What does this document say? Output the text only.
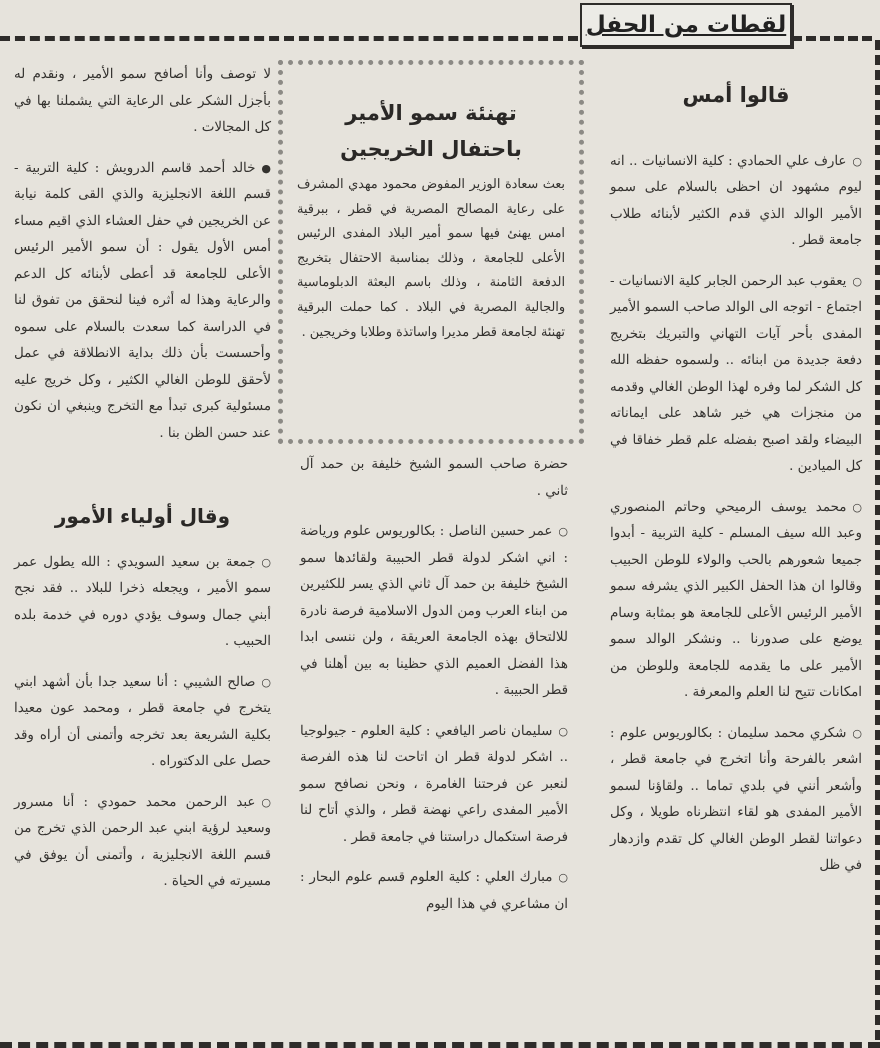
لقطات من الحفل
قالوا أمس

○عارف علي الحمادي : كلية الانسانيات .. انه ليوم مشهود ان احظى بالسلام على سمو الأمير الوالد الذي قدم الكثير لأبنائه طلاب جامعة قطر .

○يعقوب عبد الرحمن الجابر كلية الانسانيات - اجتماع - اتوجه الى الوالد صاحب السمو الأمير المفدى بأحر آيات التهاني والتبريك بتخريج دفعة جديدة من ابنائه .. ولسموه حفظه الله كل الشكر لما وفره لهذا الوطن الغالي وقدمه من منجزات هي خير شاهد على ايماناته البيضاء ولقد اصبح بفضله علم قطر خفاقا في كل الميادين .

○محمد يوسف الرميحي وحاتم المنصوري وعبد الله سيف المسلم - كلية التربية - أبدوا جميعا شعورهم بالحب والولاء للوطن الحبيب وقالوا ان هذا الحفل الكبير الذي يشرفه سمو الأمير الرئيس الأعلى للجامعة هو بمثابة وسام يوضع على صدورنا .. ونشكر الوالد سمو الأمير على ما يقدمه للجامعة وللوطن من امكانات تتيح لنا العلم والمعرفة .

○شكري محمد سليمان : بكالوريوس علوم : اشعر بالفرحة وأنا اتخرج في جامعة قطر ، وأشعر أنني في بلدي تماما .. ولقاؤنا لسمو الأمير المفدى هو لقاء انتظرناه طويلا ، وكل دعواتنا لقطر الوطن الغالي كل تقدم وازدهار في ظل

تهنئة سمو الأمير
باحتفال الخريجين
بعث سعادة الوزير المفوض محمود مهدي المشرف على رعاية المصالح المصرية في قطر ، ببرقية امس يهنئ فيها سمو أمير البلاد المفدى الرئيس الأعلى للجامعة ، وذلك بمناسبة الاحتفال بتخريج الدفعة الثامنة ، وذلك باسم البعثة الدبلوماسية والجالية المصرية في البلاد . كما حملت البرقية تهنئة لجامعة قطر مديرا واساتذة وطلابا وخريجين .

حضرة صاحب السمو الشيخ خليفة بن حمد آل ثاني .

○عمر حسين الناصل : بكالوريوس علوم ورياضة : اني اشكر لدولة قطر الحبيبة ولقائدها سمو الشيخ خليفة بن حمد آل ثاني الذي يسر للكثيرين من ابناء العرب ومن الدول الاسلامية فرصة نادرة للالتحاق بهذه الجامعة العريقة ، ولن ننسى ابدا هذا الفضل العميم الذي حظينا به بين أهلنا في قطر الحبيبة .

○سليمان ناصر اليافعي : كلية العلوم - جيولوجيا .. اشكر لدولة قطر ان اتاحت لنا هذه الفرصة لنعبر عن فرحتنا الغامرة ، ونحن نصافح سمو الأمير المفدى راعي نهضة قطر ، والذي أتاح لنا فرصة استكمال دراستنا في جامعة قطر .

○مبارك العلي : كلية العلوم قسم علوم البحار : ان مشاعري في هذا اليوم

لا توصف وأنا أصافح سمو الأمير ، ونقدم له بأجزل الشكر على الرعاية التي يشملنا بها في كل المجالات .

●خالد أحمد قاسم الدرويش : كلية التربية - قسم اللغة الانجليزية والذي القى كلمة نيابة عن الخريجين في حفل العشاء الذي اقيم مساء أمس الأول يقول : أن سمو الأمير الرئيس الأعلى للجامعة قد أعطى لأبنائه كل الدعم والرعاية وهذا له أثره فينا لنحقق من تفوق لنا في الدراسة كما سعدت بالسلام على سموه وأحسست بأن ذلك بداية الانطلاقة في عمل لأحقق للوطن الغالي الكثير ، وكل خريج عليه مسئولية كبرى تبدأ مع التخرج وينبغي ان نكون عند حسن الظن بنا .

وقال أولياء الأمور

○جمعة بن سعيد السويدي : الله يطول عمر سمو الأمير ، ويجعله ذخرا للبلاد .. فقد نجح أبني جمال وسوف يؤدي دوره في خدمة بلده الحبيب .

○صالح الشيبي : أنا سعيد جدا بأن أشهد ابني يتخرج في جامعة قطر ، ومحمد عون معيدا بكلية الشريعة بعد تخرجه وأتمنى أن أراه وقد حصل على الدكتوراه .

○عبد الرحمن محمد حمودي : أنا مسرور وسعيد لرؤية ابني عبد الرحمن الذي تخرج من قسم اللغة الانجليزية ، وأتمنى أن يوفق في مسيرته في الحياة .
